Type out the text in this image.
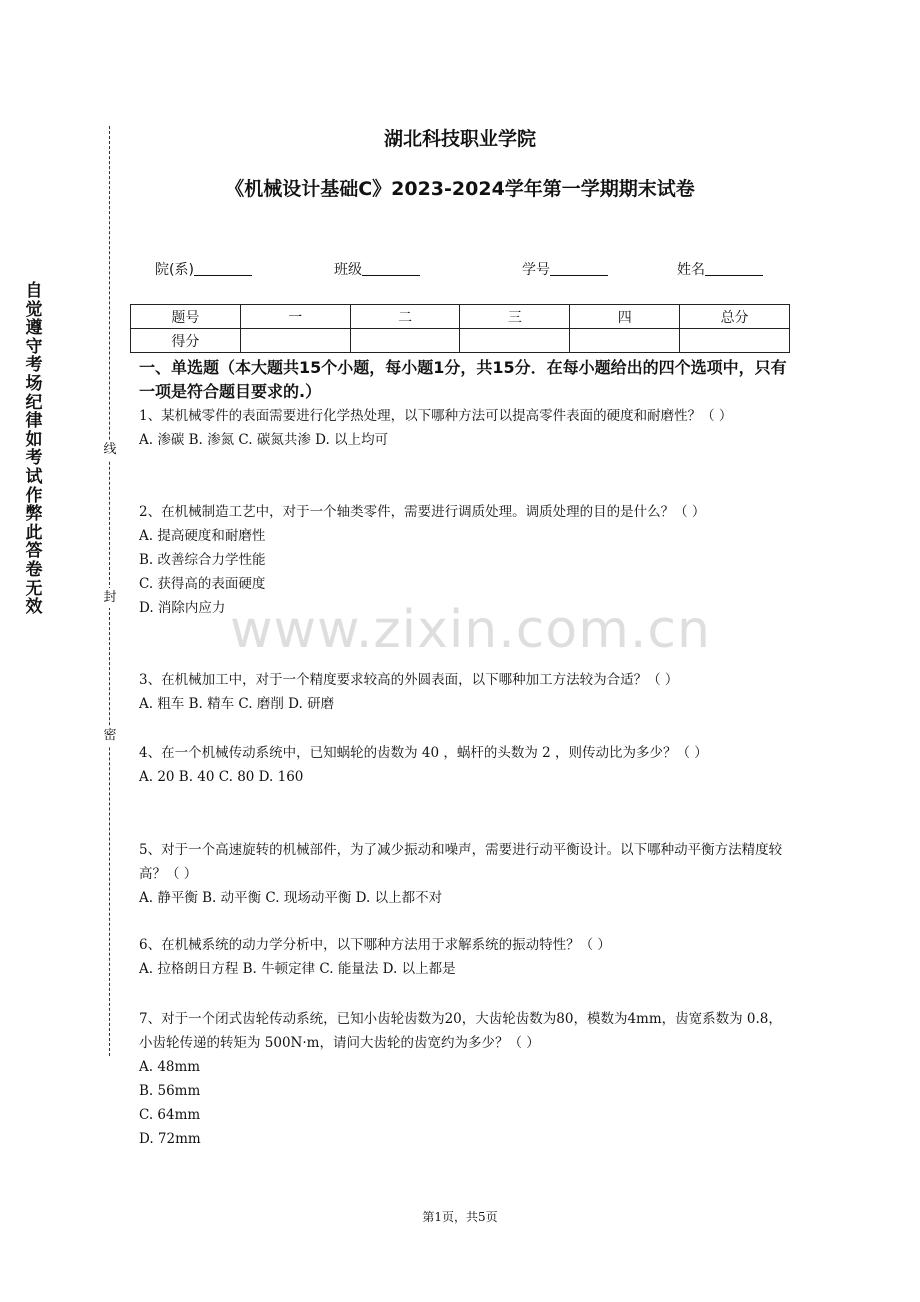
自觉遵守考场纪律如考试作弊此答卷无效
线
封
密
湖北科技职业学院
《机械设计基础C》2023-2024学年第一学期期末试卷
院(系)	班级	学号	姓名
题号	一	二	三	四	总分
得分					
一、单选题（本大题共15个小题，每小题1分，共15分．在每小题给出的四个选项中，只有一项是符合题目要求的.）
www.zixin.com.cn
1、某机械零件的表面需要进行化学热处理，以下哪种方法可以提高零件表面的硬度和耐磨性？（ ）
A. 渗碳 B. 渗氮 C. 碳氮共渗 D. 以上均可
2、在机械制造工艺中，对于一个轴类零件，需要进行调质处理。调质处理的目的是什么？（ ）
A. 提高硬度和耐磨性
B. 改善综合力学性能
C. 获得高的表面硬度
D. 消除内应力
3、在机械加工中，对于一个精度要求较高的外圆表面，以下哪种加工方法较为合适？（ ）
A. 粗车 B. 精车 C. 磨削 D. 研磨
4、在一个机械传动系统中，已知蜗轮的齿数为 40 ，蜗杆的头数为 2 ，则传动比为多少？（ ）
A. 20 B. 40 C. 80 D. 160
5、对于一个高速旋转的机械部件，为了减少振动和噪声，需要进行动平衡设计。以下哪种动平衡方法精度较高？（ ）
A. 静平衡 B. 动平衡 C. 现场动平衡 D. 以上都不对
6、在机械系统的动力学分析中，以下哪种方法用于求解系统的振动特性？（ ）
A. 拉格朗日方程 B. 牛顿定律 C. 能量法 D. 以上都是
7、对于一个闭式齿轮传动系统，已知小齿轮齿数为20，大齿轮齿数为80，模数为4mm，齿宽系数为 0.8，小齿轮传递的转矩为 500N·m，请问大齿轮的齿宽约为多少？（ ）
A. 48mm
B. 56mm
C. 64mm
D. 72mm
第1页，共5页
